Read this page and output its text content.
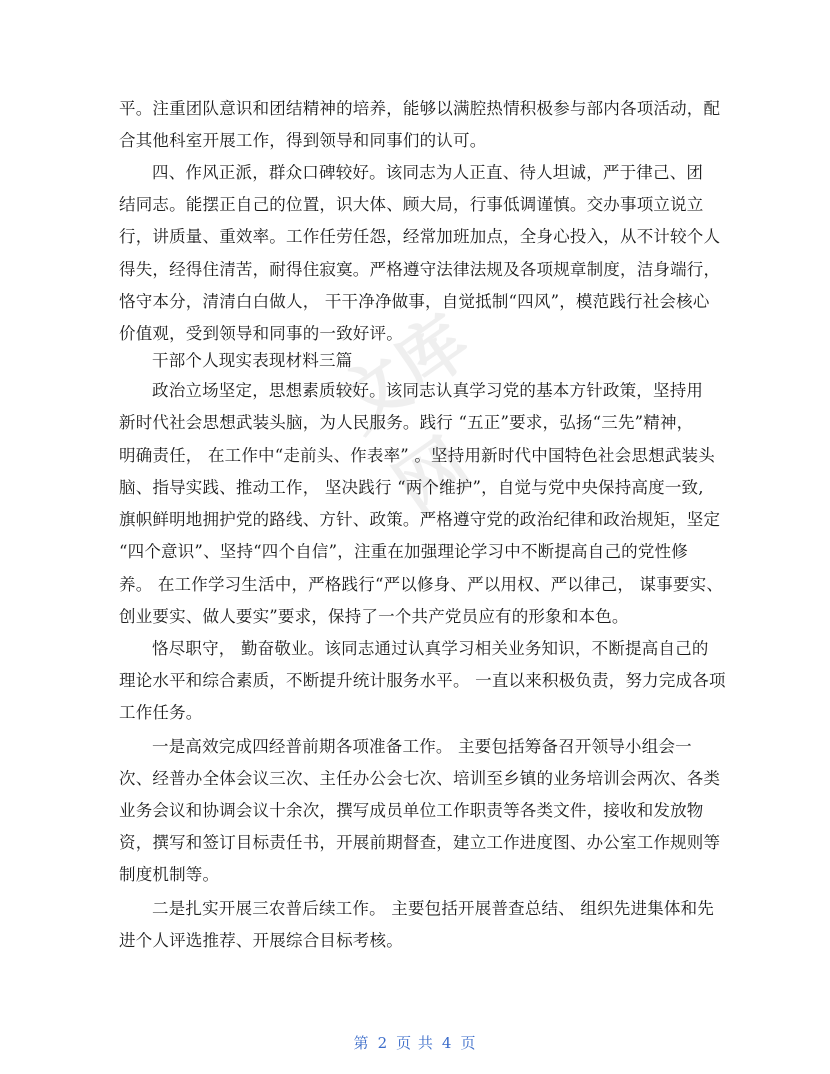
文库网
平。注重团队意识和团结精神的培养，能够以满腔热情积极参与部内各项活动，配
合其他科室开展工作，得到领导和同事们的认可。
四、作风正派，群众口碑较好。该同志为人正直、待人坦诚，严于律己、团
结同志。能摆正自己的位置，识大体、顾大局，行事低调谨慎。交办事项立说立
行，讲质量、重效率。工作任劳任怨，经常加班加点，全身心投入，从不计较个人
得失，经得住清苦，耐得住寂寞。严格遵守法律法规及各项规章制度，洁身端行，
恪守本分，清清白白做人， 干干净净做事，自觉抵制“四风”，模范践行社会核心
价值观，受到领导和同事的一致好评。
干部个人现实表现材料三篇
政治立场坚定，思想素质较好。该同志认真学习党的基本方针政策，坚持用
新时代社会思想武装头脑，为人民服务。践行 “五正”要求，弘扬“三先”精神，
明确责任， 在工作中“走前头、作表率” 。坚持用新时代中国特色社会思想武装头
脑、指导实践、推动工作， 坚决践行 “两个维护”，自觉与党中央保持高度一致,
旗帜鲜明地拥护党的路线、方针、政策。严格遵守党的政治纪律和政治规矩，坚定
“四个意识”、坚持“四个自信”，注重在加强理论学习中不断提高自己的党性修
养。 在工作学习生活中，严格践行“严以修身、严以用权、严以律己， 谋事要实、
创业要实、做人要实”要求，保持了一个共产党员应有的形象和本色。
恪尽职守， 勤奋敬业。该同志通过认真学习相关业务知识，不断提高自己的
理论水平和综合素质，不断提升统计服务水平。 一直以来积极负责，努力完成各项
工作任务。
一是高效完成四经普前期各项准备工作。 主要包括筹备召开领导小组会一
次、经普办全体会议三次、主任办公会七次、培训至乡镇的业务培训会两次、各类
业务会议和协调会议十余次，撰写成员单位工作职责等各类文件，接收和发放物
资，撰写和签订目标责任书，开展前期督查，建立工作进度图、办公室工作规则等
制度机制等。
二是扎实开展三农普后续工作。 主要包括开展普查总结、 组织先进集体和先
进个人评选推荐、开展综合目标考核。
第 2 页 共 4 页
